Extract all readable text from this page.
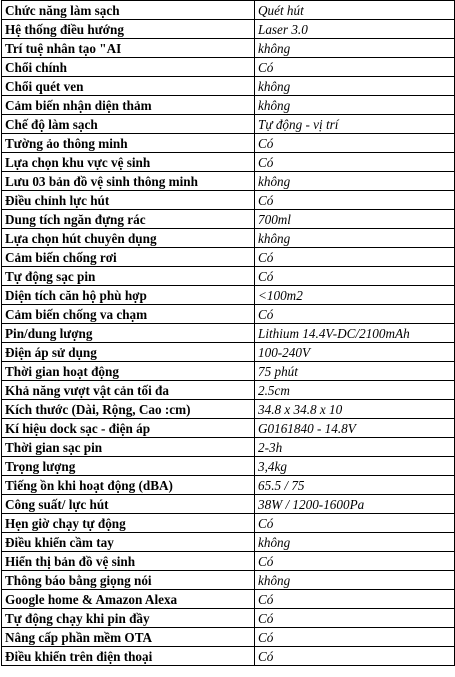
Chức năng làm sạch	Quét hút
Hệ thống điều hướng	Laser 3.0
Trí tuệ nhân tạo "AI	không
Chổi chính	Có
Chổi quét ven	không
Cảm biến nhận diện thảm	không
Chế độ làm sạch	Tự động - vị trí
Tường ảo thông minh	Có
Lựa chọn khu vực vệ sinh	Có
Lưu 03 bản đồ vệ sinh thông minh	không
Điều chỉnh lực hút	Có
Dung tích ngăn đựng rác	700ml
Lựa chọn hút chuyên dụng	không
Cảm biến chống rơi	Có
Tự động sạc pin	Có
Diện tích căn hộ phù hợp	<100m2
Cảm biến chống va chạm	Có
Pin/dung lượng	Lithium 14.4V-DC/2100mAh
Điện áp sử dụng	100-240V
Thời gian hoạt động	75 phút
Khả năng vượt vật cản tối đa	2.5cm
Kích thước (Dài, Rộng, Cao :cm)	34.8 x 34.8 x 10
Kí hiệu dock sạc - điện áp	G0161840 - 14.8V
Thời gian sạc pin	2-3h
Trọng lượng	3,4kg
Tiếng ồn khi hoạt động (dBA)	65.5 / 75
Công suất/ lực hút	38W / 1200-1600Pa
Hẹn giờ chạy tự động	Có
Điều khiển cầm tay	không
Hiển thị bản đồ vệ sinh	Có
Thông báo bằng giọng nói	không
Google home & Amazon Alexa	Có
Tự động chạy khi pin đầy	Có
Nâng cấp phần mềm OTA	Có
Điều khiển trên điện thoại	Có
